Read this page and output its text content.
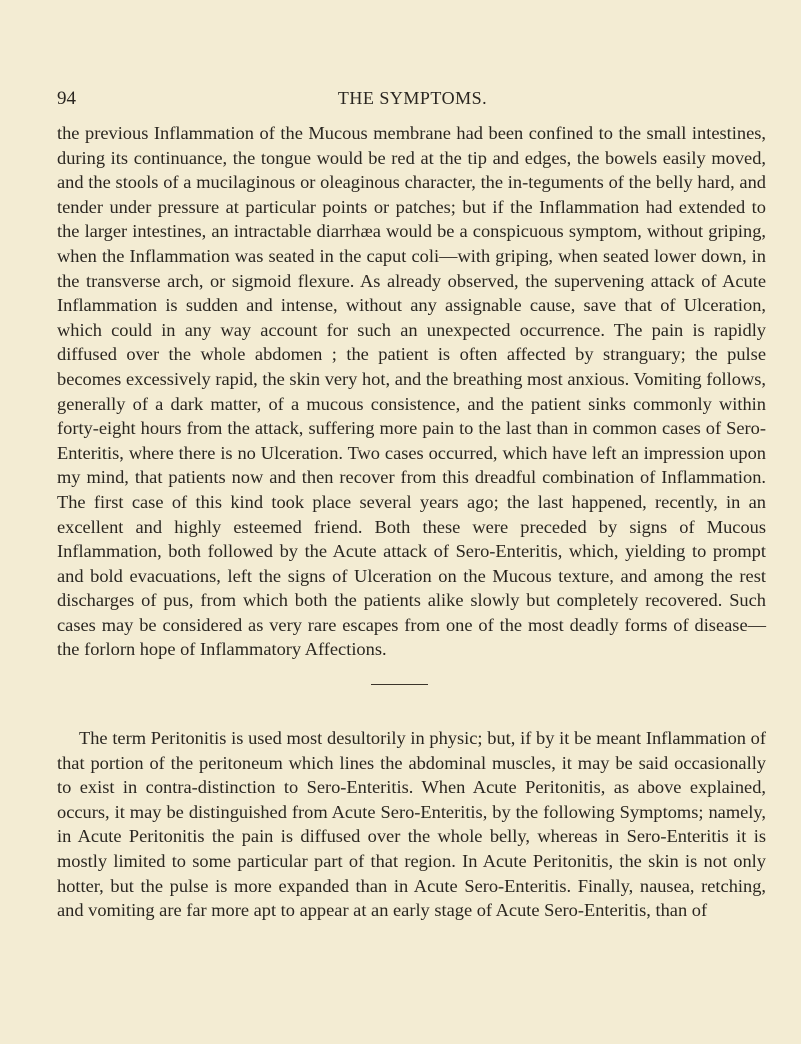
94	THE SYMPTOMS.

the previous Inflammation of the Mucous membrane had been confined to the small intestines, during its continuance, the tongue would be red at the tip and edges, the bowels easily moved, and the stools of a mucilaginous or oleaginous character, the in-teguments of the belly hard, and tender under pressure at particular points or patches; but if the Inflammation had extended to the larger intestines, an intractable diarrhæa would be a conspicuous symptom, without griping, when the Inflammation was seated in the caput coli—with griping, when seated lower down, in the transverse arch, or sigmoid flexure. As already observed, the supervening attack of Acute Inflammation is sudden and intense, without any assignable cause, save that of Ulceration, which could in any way account for such an unexpected occurrence. The pain is rapidly diffused over the whole abdomen ; the patient is often affected by stranguary; the pulse becomes excessively rapid, the skin very hot, and the breathing most anxious. Vomiting follows, generally of a dark matter, of a mucous consistence, and the patient sinks commonly within forty-eight hours from the attack, suffering more pain to the last than in common cases of Sero-Enteritis, where there is no Ulceration. Two cases occurred, which have left an impression upon my mind, that patients now and then recover from this dreadful combination of Inflammation. The first case of this kind took place several years ago; the last happened, recently, in an excellent and highly esteemed friend. Both these were preceded by signs of Mucous Inflammation, both followed by the Acute attack of Sero-Enteritis, which, yielding to prompt and bold evacuations, left the signs of Ulceration on the Mucous texture, and among the rest discharges of pus, from which both the patients alike slowly but completely recovered. Such cases may be considered as very rare escapes from one of the most deadly forms of disease—the forlorn hope of Inflammatory Affections.

The term Peritonitis is used most desultorily in physic; but, if by it be meant Inflammation of that portion of the peritoneum which lines the abdominal muscles, it may be said occasionally to exist in contra-distinction to Sero-Enteritis. When Acute Peritonitis, as above explained, occurs, it may be distinguished from Acute Sero-Enteritis, by the following Symptoms; namely, in Acute Peritonitis the pain is diffused over the whole belly, whereas in Sero-Enteritis it is mostly limited to some particular part of that region. In Acute Peritonitis, the skin is not only hotter, but the pulse is more expanded than in Acute Sero-Enteritis. Finally, nausea, retching, and vomiting are far more apt to appear at an early stage of Acute Sero-Enteritis, than of
